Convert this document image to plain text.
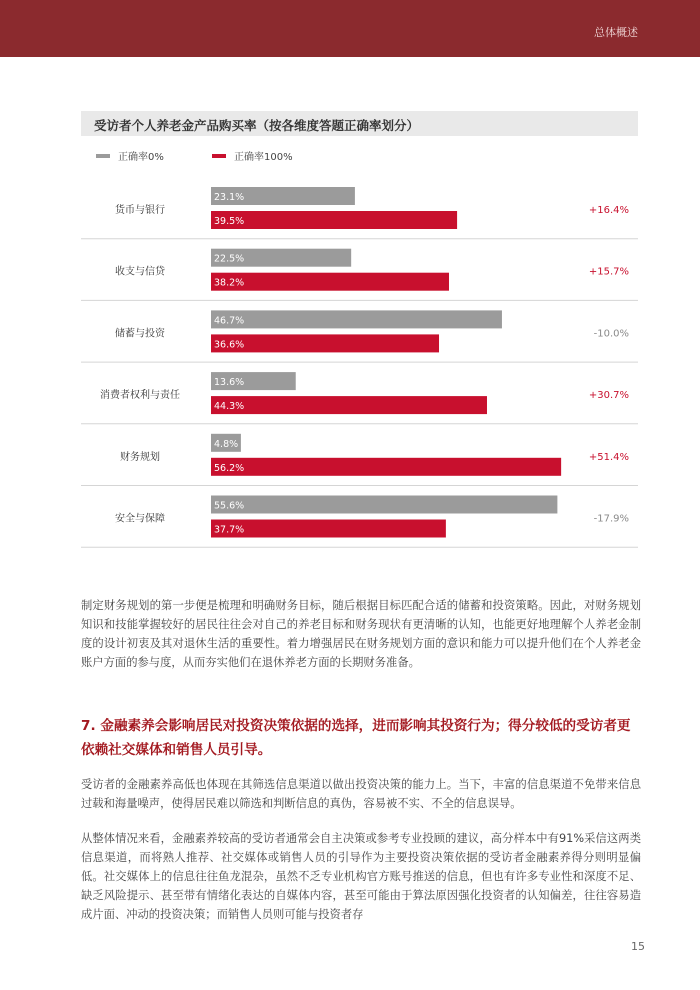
总体概述
受访者个人养老金产品购买率（按各维度答题正确率划分）
正确率0%	正确率100%
货币与银行
23.1%
39.5%
+16.4%
收支与信贷
22.5%
38.2%
+15.7%
储蓄与投资
46.7%
36.6%
-10.0%
消费者权利与责任
13.6%
44.3%
+30.7%
财务规划
4.8%
56.2%
+51.4%
安全与保障
55.6%
37.7%
-17.9%
制定财务规划的第一步便是梳理和明确财务目标，随后根据目标匹配合适的储蓄和投资策略。因此，对财务规划知识和技能掌握较好的居民往往会对自己的养老目标和财务现状有更清晰的认知，也能更好地理解个人养老金制度的设计初衷及其对退休生活的重要性。着力增强居民在财务规划方面的意识和能力可以提升他们在个人养老金账户方面的参与度，从而夯实他们在退休养老方面的长期财务准备。
7. 金融素养会影响居民对投资决策依据的选择，进而影响其投资行为；得分较低的受访者更依赖社交媒体和销售人员引导。
受访者的金融素养高低也体现在其筛选信息渠道以做出投资决策的能力上。当下，丰富的信息渠道不免带来信息过载和海量噪声，使得居民难以筛选和判断信息的真伪，容易被不实、不全的信息误导。
从整体情况来看，金融素养较高的受访者通常会自主决策或参考专业投顾的建议，高分样本中有91%采信这两类信息渠道，而将熟人推荐、社交媒体或销售人员的引导作为主要投资决策依据的受访者金融素养得分则明显偏低。社交媒体上的信息往往鱼龙混杂，虽然不乏专业机构官方账号推送的信息，但也有许多专业性和深度不足、缺乏风险提示、甚至带有情绪化表达的自媒体内容，甚至可能由于算法原因强化投资者的认知偏差，往往容易造成片面、冲动的投资决策；而销售人员则可能与投资者存
15
